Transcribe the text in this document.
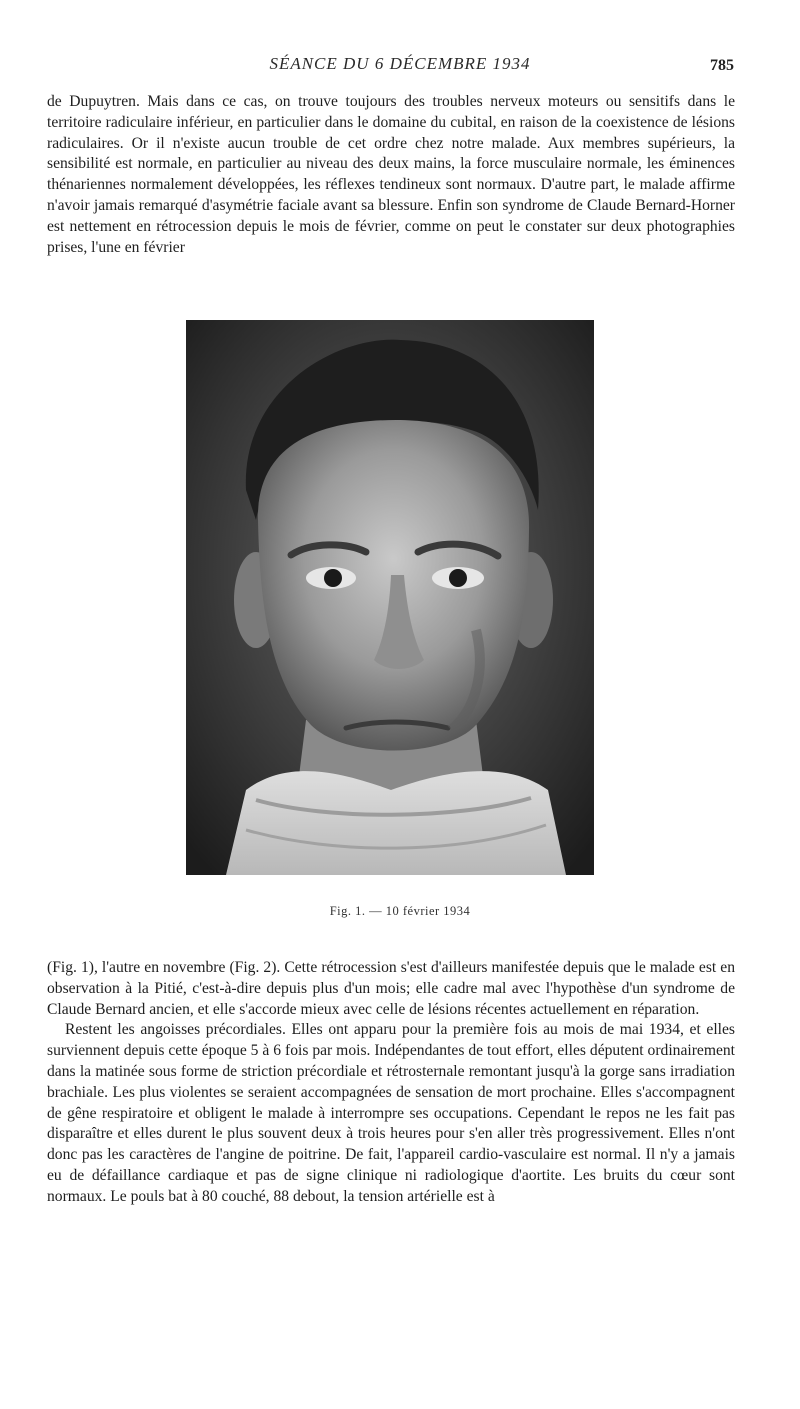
SÉANCE DU 6 DÉCEMBRE 1934	785

de Dupuytren. Mais dans ce cas, on trouve toujours des troubles nerveux moteurs ou sensitifs dans le territoire radiculaire inférieur, en particulier dans le domaine du cubital, en raison de la coexistence de lésions radiculaires. Or il n'existe aucun trouble de cet ordre chez notre malade. Aux membres supérieurs, la sensibilité est normale, en particulier au niveau des deux mains, la force musculaire normale, les éminences thénariennes normalement développées, les réflexes tendineux sont normaux. D'autre part, le malade affirme n'avoir jamais remarqué d'asymétrie faciale avant sa blessure. Enfin son syndrome de Claude Bernard-Horner est nettement en rétrocession depuis le mois de février, comme on peut le constater sur deux photographies prises, l'une en février

Fig. 1. — 10 février 1934

(Fig. 1), l'autre en novembre (Fig. 2). Cette rétrocession s'est d'ailleurs manifestée depuis que le malade est en observation à la Pitié, c'est-à-dire depuis plus d'un mois; elle cadre mal avec l'hypothèse d'un syndrome de Claude Bernard ancien, et elle s'accorde mieux avec celle de lésions récentes actuellement en réparation.

Restent les angoisses précordiales. Elles ont apparu pour la première fois au mois de mai 1934, et elles surviennent depuis cette époque 5 à 6 fois par mois. Indépendantes de tout effort, elles députent ordinairement dans la matinée sous forme de striction précordiale et rétrosternale remontant jusqu'à la gorge sans irradiation brachiale. Les plus violentes se seraient accompagnées de sensation de mort prochaine. Elles s'accompagnent de gêne respiratoire et obligent le malade à interrompre ses occupations. Cependant le repos ne les fait pas disparaître et elles durent le plus souvent deux à trois heures pour s'en aller très progressivement. Elles n'ont donc pas les caractères de l'angine de poitrine. De fait, l'appareil cardio-vasculaire est normal. Il n'y a jamais eu de défaillance cardiaque et pas de signe clinique ni radiologique d'aortite. Les bruits du cœur sont normaux. Le pouls bat à 80 couché, 88 debout, la tension artérielle est à
